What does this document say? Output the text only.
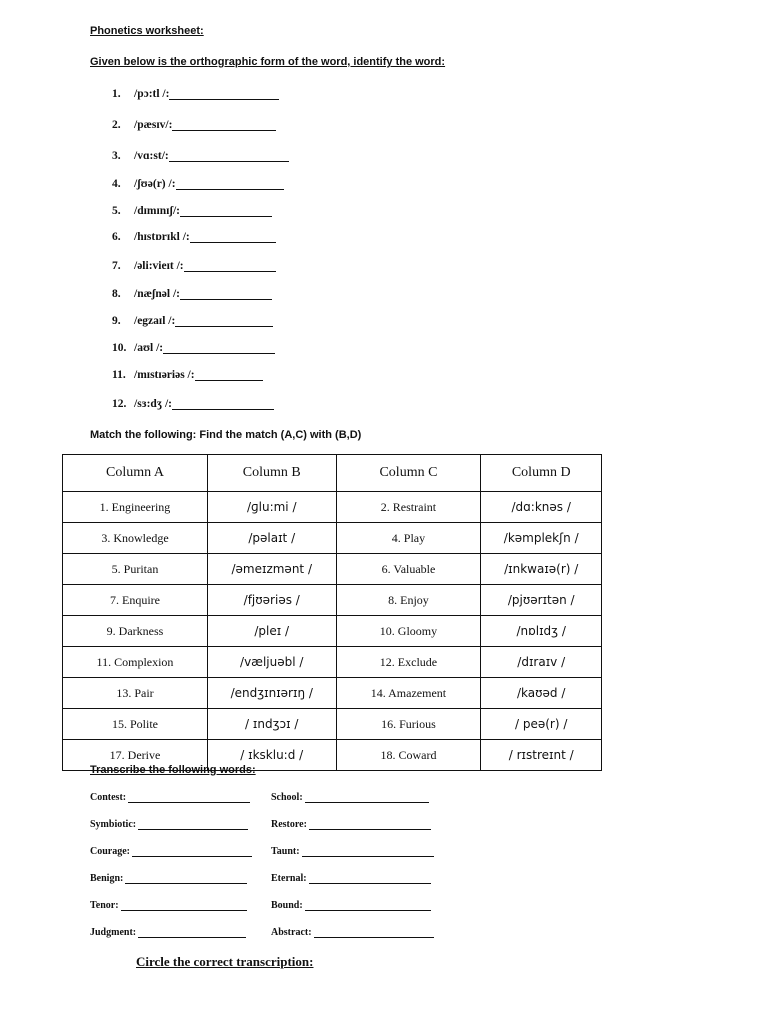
Phonetics worksheet:
Given below is the orthographic form of the word, identify the word:
1.	/pɔ:tl /:
2.	/pæsɪv/:
3.	/vɑ:st/:
4.	/ʃʊə(r) /:
5.	/dɪmɪnɪʃ/:
6.	/hɪstɒrɪkl /:
7.	/əli:vieɪt /:
8.	/næʃnəl /:
9.	/egzaɪl /:
10. /aʊl /:
11. /mɪstɪəriəs /:
12. /sɜ:dʒ /:
Match the following: Find the match (A,C) with (B,D)
Column A	Column B	Column C	Column D
1. Engineering	/ɡlu:mi /	2. Restraint	/dɑ:knəs /
3. Knowledge	/pəlaɪt /	4. Play	/kəmplekʃn /
5. Puritan	/əmeɪzmənt /	6. Valuable	/ɪnkwaɪə(r) /
7. Enquire	/fjʊəriəs /	8. Enjoy	/pjʊərɪtən /
9. Darkness	/pleɪ /	10. Gloomy	/nɒlɪdʒ /
11. Complexion	/væljuəbl /	12. Exclude	/dɪraɪv /
13. Pair	/endʒɪnɪərɪŋ /	14. Amazement	/kaʊəd /
15. Polite	/ ɪndʒɔɪ /	16. Furious	/ peə(r) /
17. Derive	/ ɪksklu:d /	18. Coward	/ rɪstreɪnt /
Transcribe the following words:
Contest:
Symbiotic:
Courage:
Benign:
Tenor:
Judgment:
School:
Restore:
Taunt:
Eternal:
Bound:
Abstract:
Circle the correct transcription:
